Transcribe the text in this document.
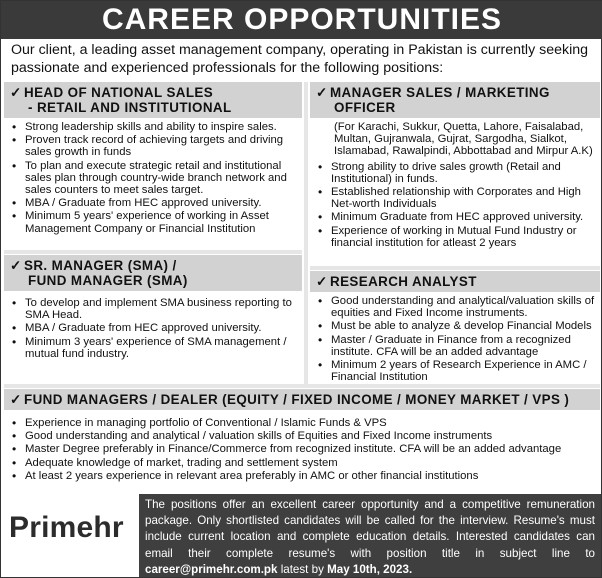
CAREER OPPORTUNITIES
Our client, a leading asset management company, operating in Pakistan is currently seeking passionate and experienced professionals for the following positions:
✓ HEAD OF NATIONAL SALES
- RETAIL AND INSTITUTIONAL
• Strong leadership skills and ability to inspire sales.
• Proven track record of achieving targets and driving sales growth in funds
• To plan and execute strategic retail and institutional sales plan through country-wide branch network and sales counters to meet sales target.
• MBA / Graduate from HEC approved university.
• Minimum 5 years' experience of working in Asset Management Company or Financial Institution
✓ MANAGER SALES / MARKETING
OFFICER
(For Karachi, Sukkur, Quetta, Lahore, Faisalabad, Multan, Gujranwala, Gujrat, Sargodha, Sialkot, Islamabad, Rawalpindi, Abbottabad and Mirpur A.K)
• Strong ability to drive sales growth (Retail and Institutional) in funds.
• Established relationship with Corporates and High Net-worth Individuals
• Minimum Graduate from HEC approved university.
• Experience of working in Mutual Fund Industry or financial institution for atleast 2 years
✓ SR. MANAGER (SMA) /
FUND MANAGER (SMA)
• To develop and implement SMA business reporting to SMA Head.
• MBA / Graduate from HEC approved university.
• Minimum 3 years' experience of SMA management / mutual fund industry.
✓ RESEARCH ANALYST
• Good understanding and analytical/valuation skills of equities and Fixed Income instruments.
• Must be able to analyze & develop Financial Models
• Master / Graduate in Finance from a recognized institute. CFA will be an added advantage
• Minimum 2 years of Research Experience in AMC / Financial Institution
✓ FUND MANAGERS / DEALER (EQUITY / FIXED INCOME / MONEY MARKET / VPS )
• Experience in managing portfolio of Conventional / Islamic Funds & VPS
• Good understanding and analytical / valuation skills of Equities and Fixed Income instruments
• Master Degree preferably in Finance/Commerce from recognized institute. CFA will be an added advantage
• Adequate knowledge of market, trading and settlement system
• At least 2 years experience in relevant area preferably in AMC or other financial institutions
Primehr
The positions offer an excellent career opportunity and a competitive remuneration package. Only shortlisted candidates will be called for the interview. Resume's must include current location and complete education details. Interested candidates can email their complete resume's with position title in subject line to career@primehr.com.pk latest by May 10th, 2023.
